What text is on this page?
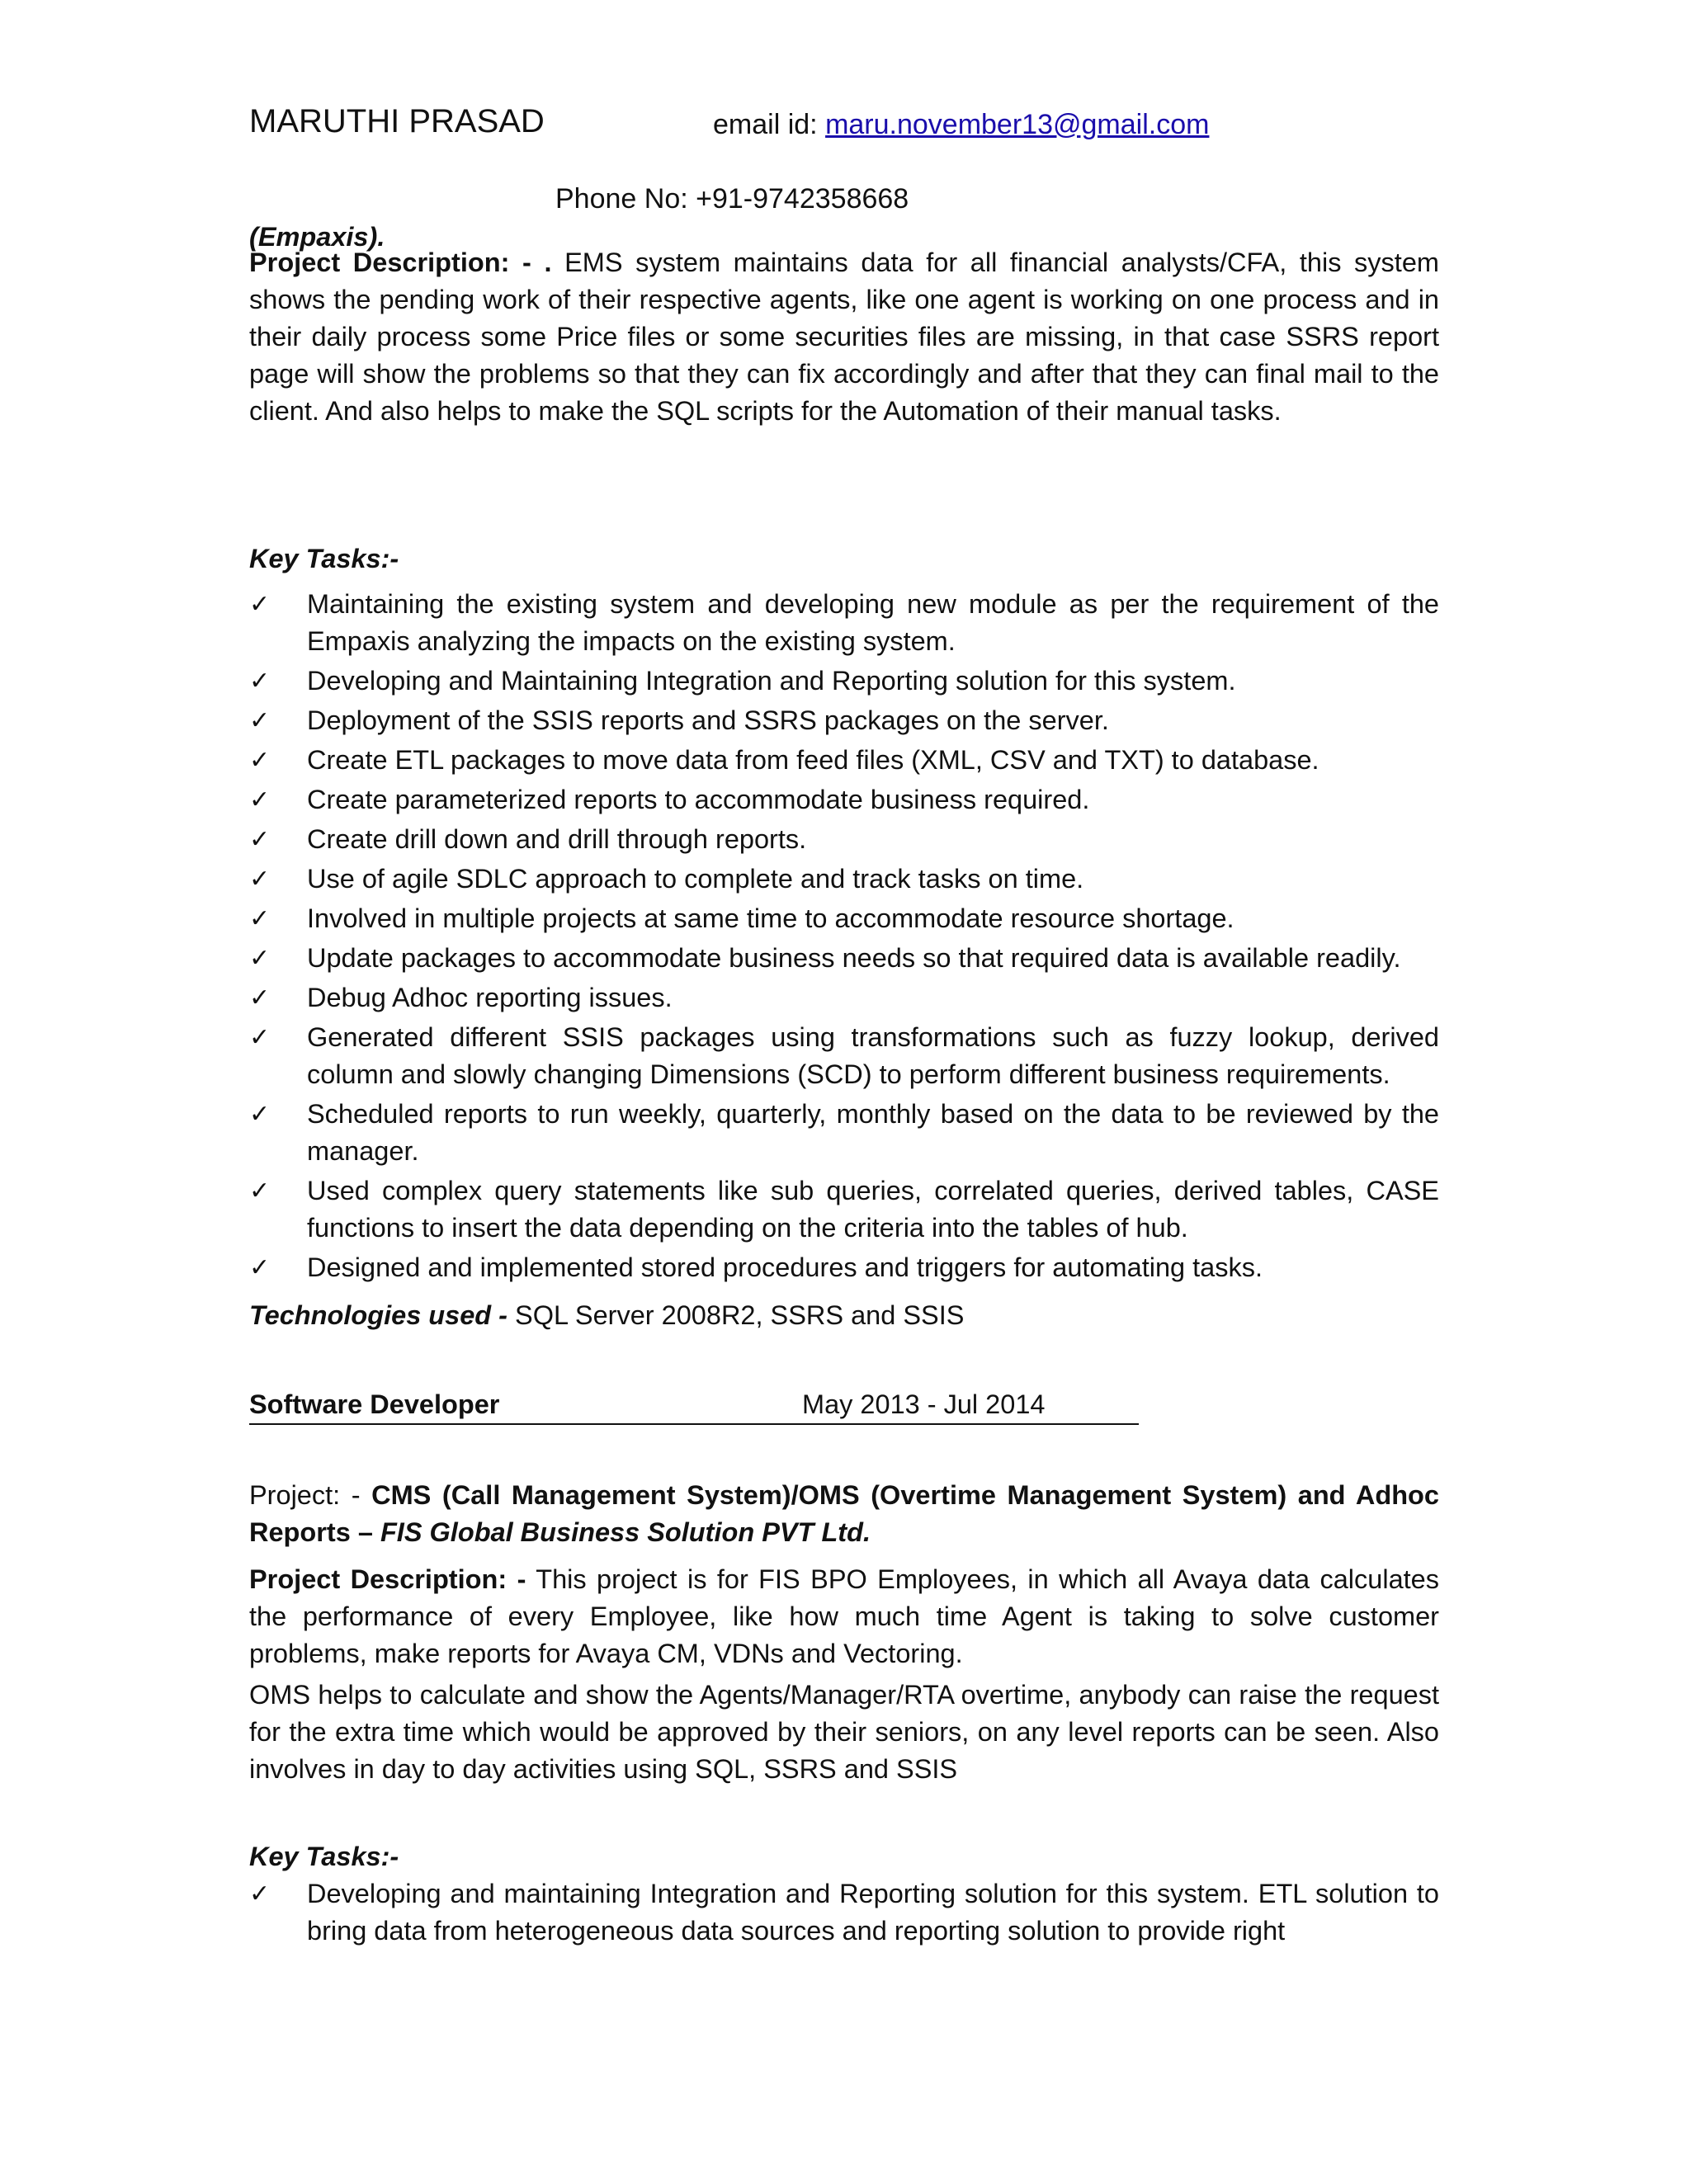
MARUTHI PRASAD	email id: maru.november13@gmail.com
Phone No: +91-9742358668
(Empaxis).

Project Description: - . EMS system maintains data for all financial analysts/CFA, this system shows the pending work of their respective agents, like one agent is working on one process and in their daily process some Price files or some securities files are missing, in that case SSRS report page will show the problems so that they can fix accordingly and after that they can final mail to the client. And also helps to make the SQL scripts for the Automation of their manual tasks.

Key Tasks:-
✓	Maintaining the existing system and developing new module as per the requirement of the Empaxis analyzing the impacts on the existing system.
✓	Developing and Maintaining Integration and Reporting solution for this system.
✓	Deployment of the SSIS reports and SSRS packages on the server.
✓	Create ETL packages to move data from feed files (XML, CSV and TXT) to database.
✓	Create parameterized reports to accommodate business required.
✓	Create drill down and drill through reports.
✓	Use of agile SDLC approach to complete and track tasks on time.
✓	Involved in multiple projects at same time to accommodate resource shortage.
✓	Update packages to accommodate business needs so that required data is available readily.
✓	Debug Adhoc reporting issues.
✓	Generated different SSIS packages using transformations such as fuzzy lookup, derived column and slowly changing Dimensions (SCD) to perform different business requirements.
✓	Scheduled reports to run weekly, quarterly, monthly based on the data to be reviewed by the manager.
✓	Used complex query statements like sub queries, correlated queries, derived tables, CASE functions to insert the data depending on the criteria into the tables of hub.
✓	Designed and implemented stored procedures and triggers for automating tasks.
Technologies used - SQL Server 2008R2, SSRS and SSIS
Software Developer	May 2013 - Jul 2014

Project: - CMS (Call Management System)/OMS (Overtime Management System) and Adhoc Reports – FIS Global Business Solution PVT Ltd.

Project Description: - This project is for FIS BPO Employees, in which all Avaya data calculates the performance of every Employee, like how much time Agent is taking to solve customer problems, make reports for Avaya CM, VDNs and Vectoring.

OMS helps to calculate and show the Agents/Manager/RTA overtime, anybody can raise the request for the extra time which would be approved by their seniors, on any level reports can be seen. Also involves in day to day activities using SQL, SSRS and SSIS

Key Tasks:-
✓	Developing and maintaining Integration and Reporting solution for this system. ETL solution to bring data from heterogeneous data sources and reporting solution to provide right
